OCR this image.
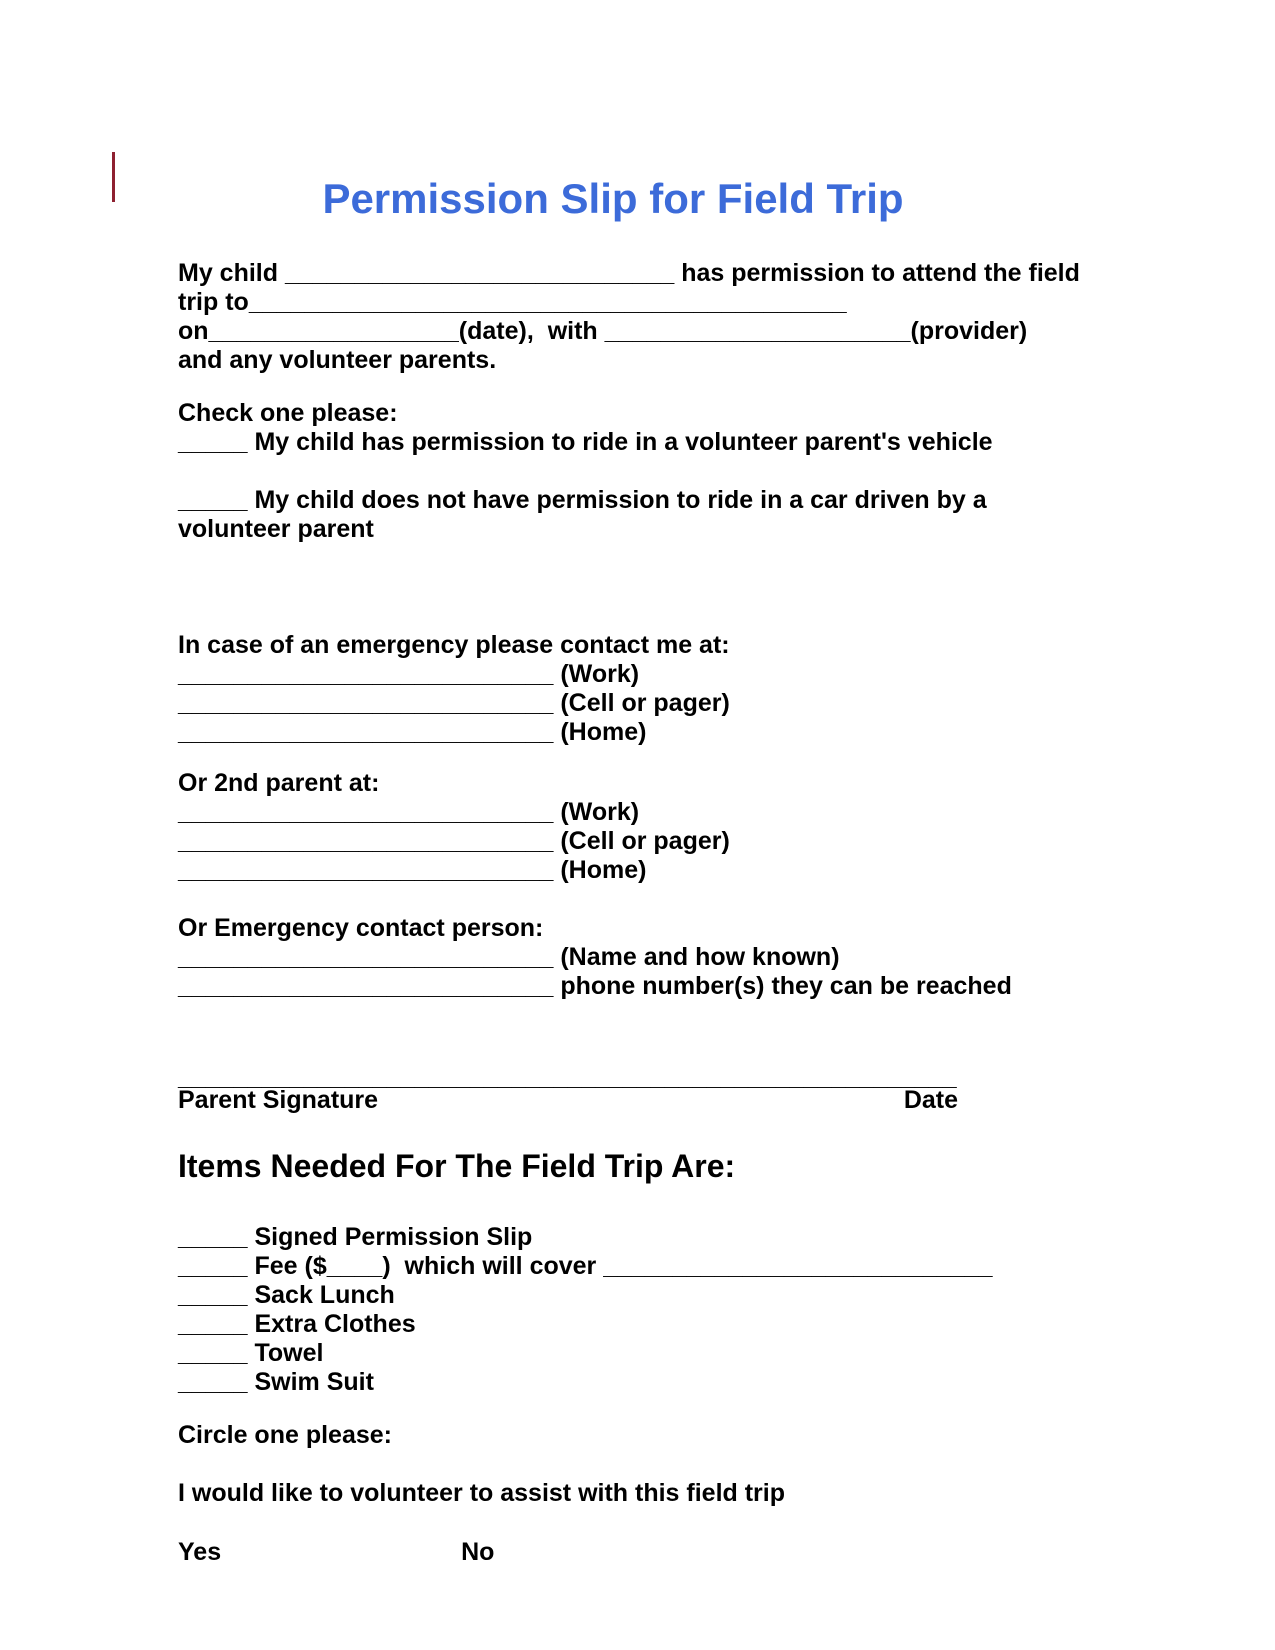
Permission Slip for Field Trip
My child ____________________________ has permission to attend the field
trip to___________________________________________
on__________________(date),  with ______________________(provider)
and any volunteer parents.
Check one please:
_____ My child has permission to ride in a volunteer parent's vehicle
_____ My child does not have permission to ride in a car driven by a
volunteer parent
In case of an emergency please contact me at:
___________________________ (Work)
___________________________ (Cell or pager)
___________________________ (Home)
Or 2nd parent at:
___________________________ (Work)
___________________________ (Cell or pager)
___________________________ (Home)
Or Emergency contact person:
___________________________ (Name and how known)
___________________________ phone number(s) they can be reached
________________________________________________________
Parent Signature	Date
Items Needed For The Field Trip Are:
_____ Signed Permission Slip
_____ Fee ($____)  which will cover ____________________________
_____ Sack Lunch
_____ Extra Clothes
_____ Towel
_____ Swim Suit
Circle one please:
I would like to volunteer to assist with this field trip
Yes	No
